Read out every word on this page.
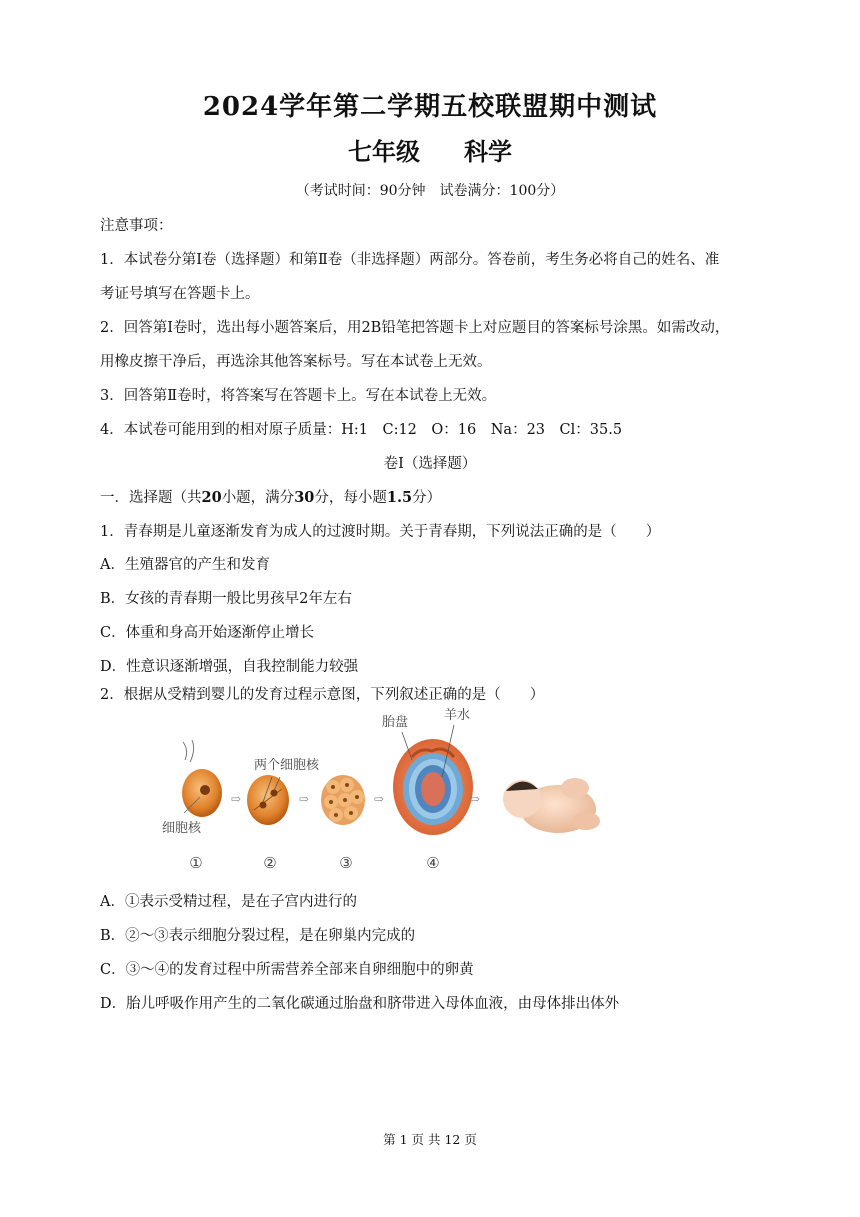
2024学年第二学期五校联盟期中测试
七年级 科学
（考试时间：90分钟　试卷满分：100分）
注意事项：
1．本试卷分第Ⅰ卷（选择题）和第Ⅱ卷（非选择题）两部分。答卷前，考生务必将自己的姓名、准
考证号填写在答题卡上。
2．回答第Ⅰ卷时，选出每小题答案后，用2B铅笔把答题卡上对应题目的答案标号涂黑。如需改动，
用橡皮擦干净后，再选涂其他答案标号。写在本试卷上无效。
3．回答第Ⅱ卷时，将答案写在答题卡上。写在本试卷上无效。
4．本试卷可能用到的相对原子质量：H:1　C:12　O：16　Na：23　Cl：35.5
卷Ⅰ（选择题）
一．选择题（共20小题，满分30分，每小题1.5分）
1．青春期是儿童逐渐发育为成人的过渡时期。关于青春期，下列说法正确的是（　　）
A．生殖器官的产生和发育
B．女孩的青春期一般比男孩早2年左右
C．体重和身高开始逐渐停止增长
D．性意识逐渐增强，自我控制能力较强
2．根据从受精到婴儿的发育过程示意图，下列叙述正确的是（　　）
细胞核
①
⇨
两个细胞核
②
⇨
③
⇨
胎盘	羊水
④
⇨
A．①表示受精过程，是在子宫内进行的
B．②～③表示细胞分裂过程，是在卵巢内完成的
C．③～④的发育过程中所需营养全部来自卵细胞中的卵黄
D．胎儿呼吸作用产生的二氧化碳通过胎盘和脐带进入母体血液，由母体排出体外
第 1 页 共 12 页
